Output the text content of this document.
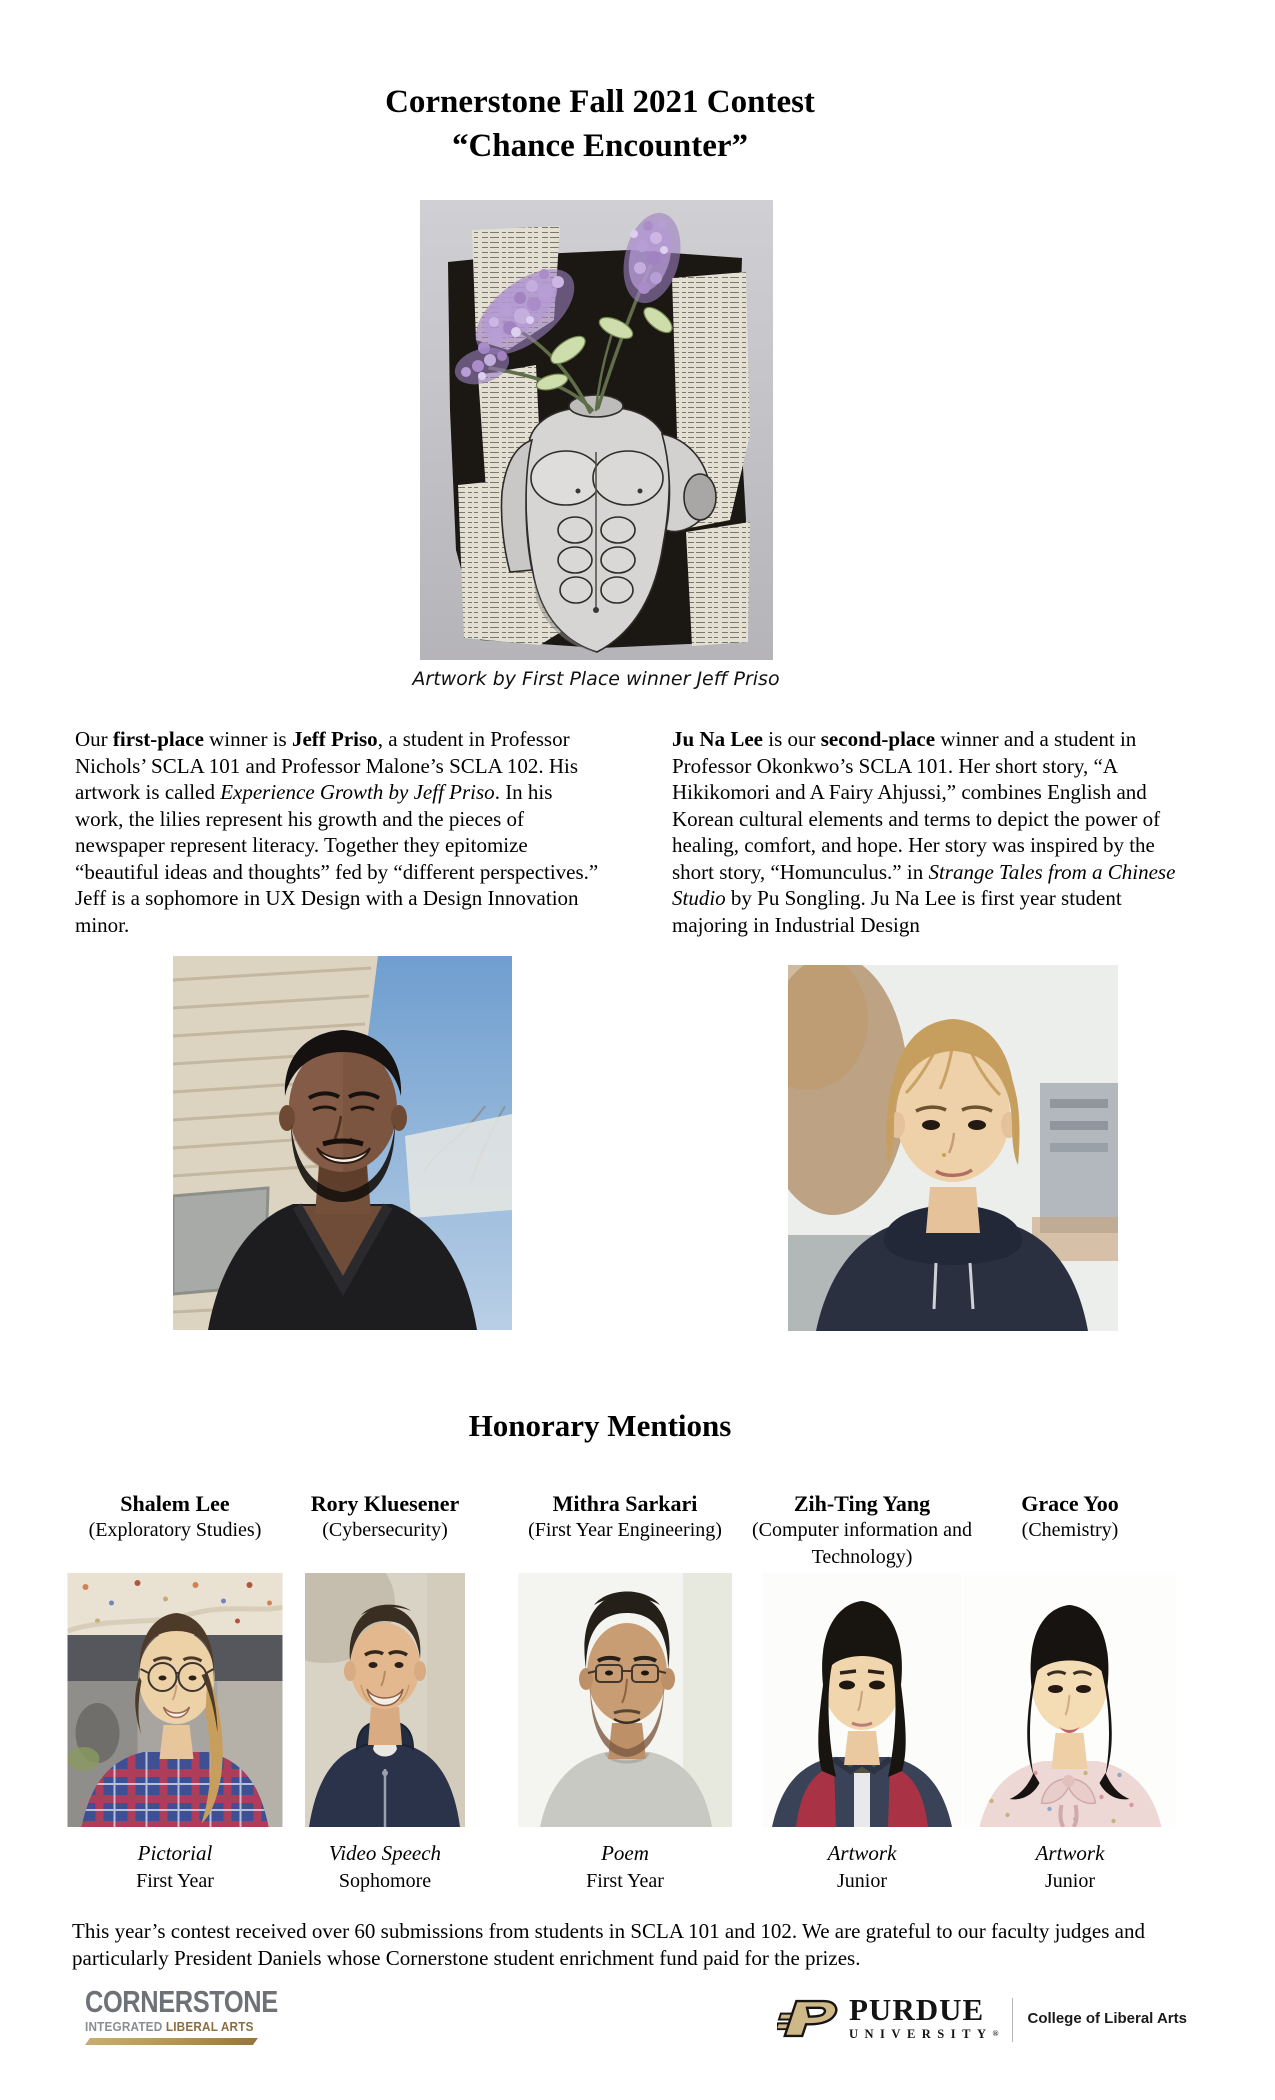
Cornerstone Fall 2021 Contest
“Chance Encounter”
Artwork by First Place winner Jeff Priso

Our first-place winner is Jeff Priso, a student in Professor Nichols’ SCLA 101 and Professor Malone’s SCLA 102. His artwork is called Experience Growth by Jeff Priso. In his work, the lilies represent his growth and the pieces of newspaper represent literacy. Together they epitomize “beautiful ideas and thoughts” fed by “different perspectives.” Jeff is a sophomore in UX Design with a Design Innovation minor.

Ju Na Lee is our second-place winner and a student in Professor Okonkwo’s SCLA 101. Her short story, “A Hikikomori and A Fairy Ahjussi,” combines English and Korean cultural elements and terms to depict the power of healing, comfort, and hope. Her story was inspired by the short story, “Homunculus.” in Strange Tales from a Chinese Studio by Pu Songling. Ju Na Lee is first year student majoring in Industrial Design

Honorary Mentions
Shalem Lee
(Exploratory Studies)
Pictorial
First Year
Rory Kluesener
(Cybersecurity)
Video Speech
Sophomore
Mithra Sarkari
(First Year Engineering)
Poem
First Year
Zih-Ting Yang
(Computer information and Technology)
Artwork
Junior
Grace Yoo
(Chemistry)
Artwork
Junior

This year’s contest received over 60 submissions from students in SCLA 101 and 102. We are grateful to our faculty judges and particularly President Daniels whose Cornerstone student enrichment fund paid for the prizes.

CORNERSTONE
INTEGRATED LIBERAL ARTS	PURDUE
UNIVERSITY®
College of Liberal Arts
